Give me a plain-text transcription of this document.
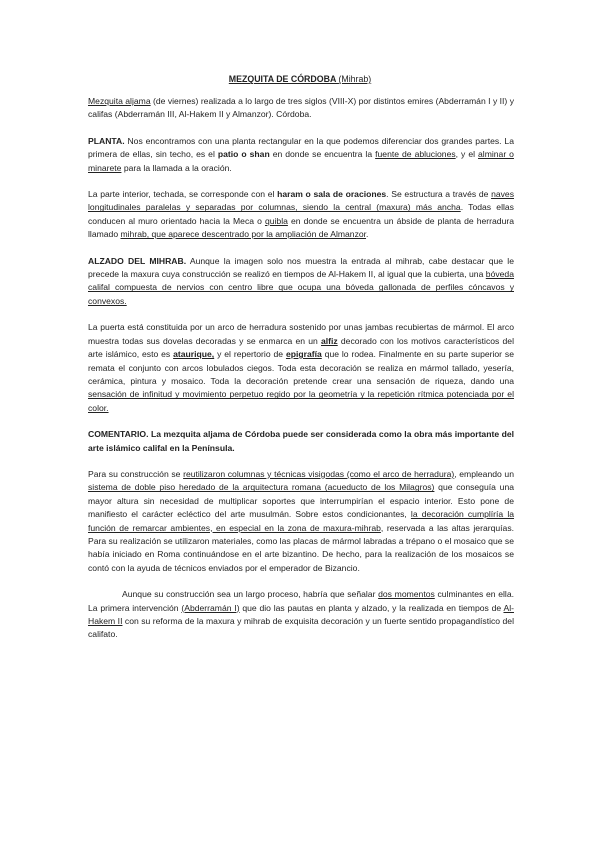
MEZQUITA DE CÓRDOBA (Mihrab)

Mezquita aljama (de viernes) realizada a lo largo de tres siglos (VIII-X) por distintos emires (Abderramán I y II) y califas (Abderramán III, Al-Hakem II y Almanzor). Córdoba.

PLANTA. Nos encontramos con una planta rectangular en la que podemos diferenciar dos grandes partes. La primera de ellas, sin techo, es el patio o shan en donde se encuentra la fuente de abluciones, y el alminar o minarete para la llamada a la oración.

La parte interior, techada, se corresponde con el haram o sala de oraciones. Se estructura a través de naves longitudinales paralelas y separadas por columnas, siendo la central (maxura) más ancha. Todas ellas conducen al muro orientado hacia la Meca o quibla en donde se encuentra un ábside de planta de herradura llamado mihrab, que aparece descentrado por la ampliación de Almanzor.

ALZADO DEL MIHRAB. Aunque la imagen solo nos muestra la entrada al mihrab, cabe destacar que le precede la maxura cuya construcción se realizó en tiempos de Al-Hakem II, al igual que la cubierta, una bóveda califal compuesta de nervios con centro libre que ocupa una bóveda gallonada de perfiles cóncavos y convexos.

La puerta está constituida por un arco de herradura sostenido por unas jambas recubiertas de mármol. El arco muestra todas sus dovelas decoradas y se enmarca en un alfiz decorado con los motivos característicos del arte islámico, esto es ataurique, y el repertorio de epigrafía que lo rodea. Finalmente en su parte superior se remata el conjunto con arcos lobulados ciegos. Toda esta decoración se realiza en mármol tallado, yesería, cerámica, pintura y mosaico. Toda la decoración pretende crear una sensación de riqueza, dando una sensación de infinitud y movimiento perpetuo regido por la geometría y la repetición rítmica potenciada por el color.

COMENTARIO. La mezquita aljama de Córdoba puede ser considerada como la obra más importante del arte islámico califal en la Península.

Para su construcción se reutilizaron columnas y técnicas visigodas (como el arco de herradura), empleando un sistema de doble piso heredado de la arquitectura romana (acueducto de los Milagros) que conseguía una mayor altura sin necesidad de multiplicar soportes que interrumpirían el espacio interior. Esto pone de manifiesto el carácter ecléctico del arte musulmán. Sobre estos condicionantes, la decoración cumplíría la función de remarcar ambientes, en especial en la zona de maxura-mihrab, reservada a las altas jerarquías. Para su realización se utilizaron materiales, como las placas de mármol labradas a trépano o el mosaico que se había iniciado en Roma continuándose en el arte bizantino. De hecho, para la realización de los mosaicos se contó con la ayuda de técnicos enviados por el emperador de Bizancio.

Aunque su construcción sea un largo proceso, habría que señalar dos momentos culminantes en ella. La primera intervención (Abderramán I) que dio las pautas en planta y alzado, y la realizada en tiempos de Al-Hakem II con su reforma de la maxura y mihrab de exquisita decoración y un fuerte sentido propagandístico del califato.
